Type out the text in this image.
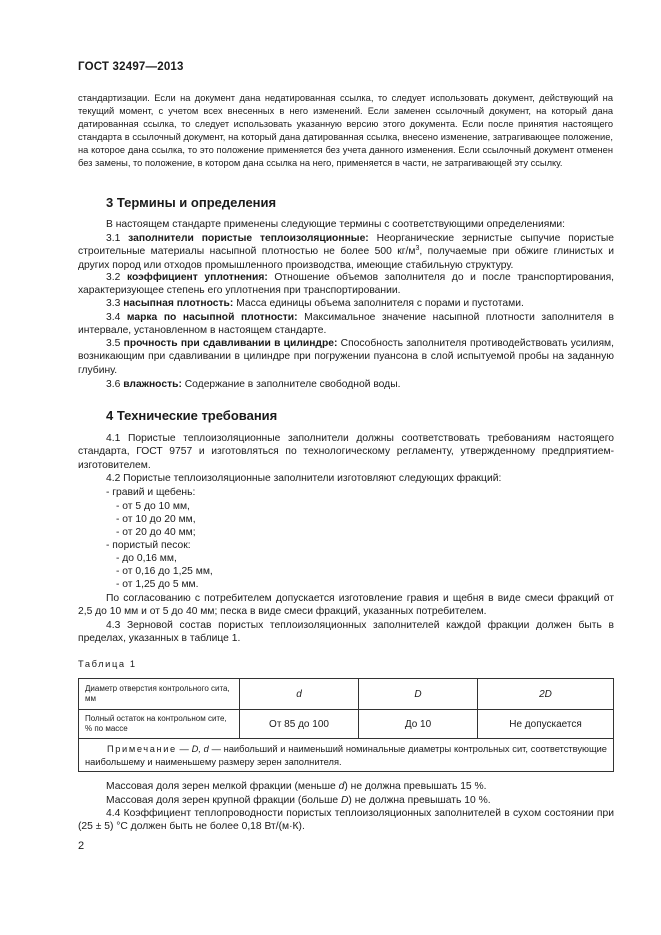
ГОСТ 32497—2013
стандартизации. Если на документ дана недатированная ссылка, то следует использовать документ, действующий на текущий момент, с учетом всех внесенных в него изменений. Если заменен ссылочный документ, на который дана датированная ссылка, то следует использовать указанную версию этого документа. Если после принятия настоящего стандарта в ссылочный документ, на который дана датированная ссылка, внесено изменение, затрагивающее положение, на которое дана ссылка, то это положение применяется без учета данного изменения. Если ссылочный документ отменен без замены, то положение, в котором дана ссылка на него, применяется в части, не затрагивающей эту ссылку.
3 Термины и определения
В настоящем стандарте применены следующие термины с соответствующими определениями:
3.1 заполнители пористые теплоизоляционные: Неорганические зернистые сыпучие пористые строительные материалы насыпной плотностью не более 500 $кг/м^3$, получаемые при обжиге глинистых и других пород или отходов промышленного производства, имеющие стабильную структуру.
3.2 коэффициент уплотнения: Отношение объемов заполнителя до и после транспортирования, характеризующее степень его уплотнения при транспортировании.
3.3 насыпная плотность: Масса единицы объема заполнителя с порами и пустотами.
3.4 марка по насыпной плотности: Максимальное значение насыпной плотности заполнителя в интервале, установленном в настоящем стандарте.
3.5 прочность при сдавливании в цилиндре: Способность заполнителя противодействовать усилиям, возникающим при сдавливании в цилиндре при погружении пуансона в слой испытуемой пробы на заданную глубину.
3.6 влажность: Содержание в заполнителе свободной воды.
4 Технические требования
4.1 Пористые теплоизоляционные заполнители должны соответствовать требованиям настоящего стандарта, ГОСТ 9757 и изготовляться по технологическому регламенту, утвержденному предприятием-изготовителем.
4.2 Пористые теплоизоляционные заполнители изготовляют следующих фракций:
- гравий и щебень:
- от 5 до 10 мм,
- от 10 до 20 мм,
- от 20 до 40 мм;
- пористый песок:
- до 0,16 мм,
- от 0,16 до 1,25 мм,
- от 1,25 до 5 мм.
По согласованию с потребителем допускается изготовление гравия и щебня в виде смеси фракций от 2,5 до 10 мм и от 5 до 40 мм; песка в виде смеси фракций, указанных потребителем.
4.3 Зерновой состав пористых теплоизоляционных заполнителей каждой фракции должен быть в пределах, указанных в таблице 1.
Таблица 1
Диаметр отверстия контрольного сита, мм	d	D	2D
Полный остаток на контрольном сите, % по массе	От 85 до 100	До 10	Не допускается
Примечание — D, d — наибольший и наименьший номинальные диаметры контрольных сит, соответствующие наибольшему и наименьшему размеру зерен заполнителя.			
Массовая доля зерен мелкой фракции (меньше d) не должна превышать 15 %.
Массовая доля зерен крупной фракции (больше D) не должна превышать 10 %.
4.4 Коэффициент теплопроводности пористых теплоизоляционных заполнителей в сухом состоянии при (25 ± 5) °С должен быть не более 0,18 Вт/(м·К).
2
